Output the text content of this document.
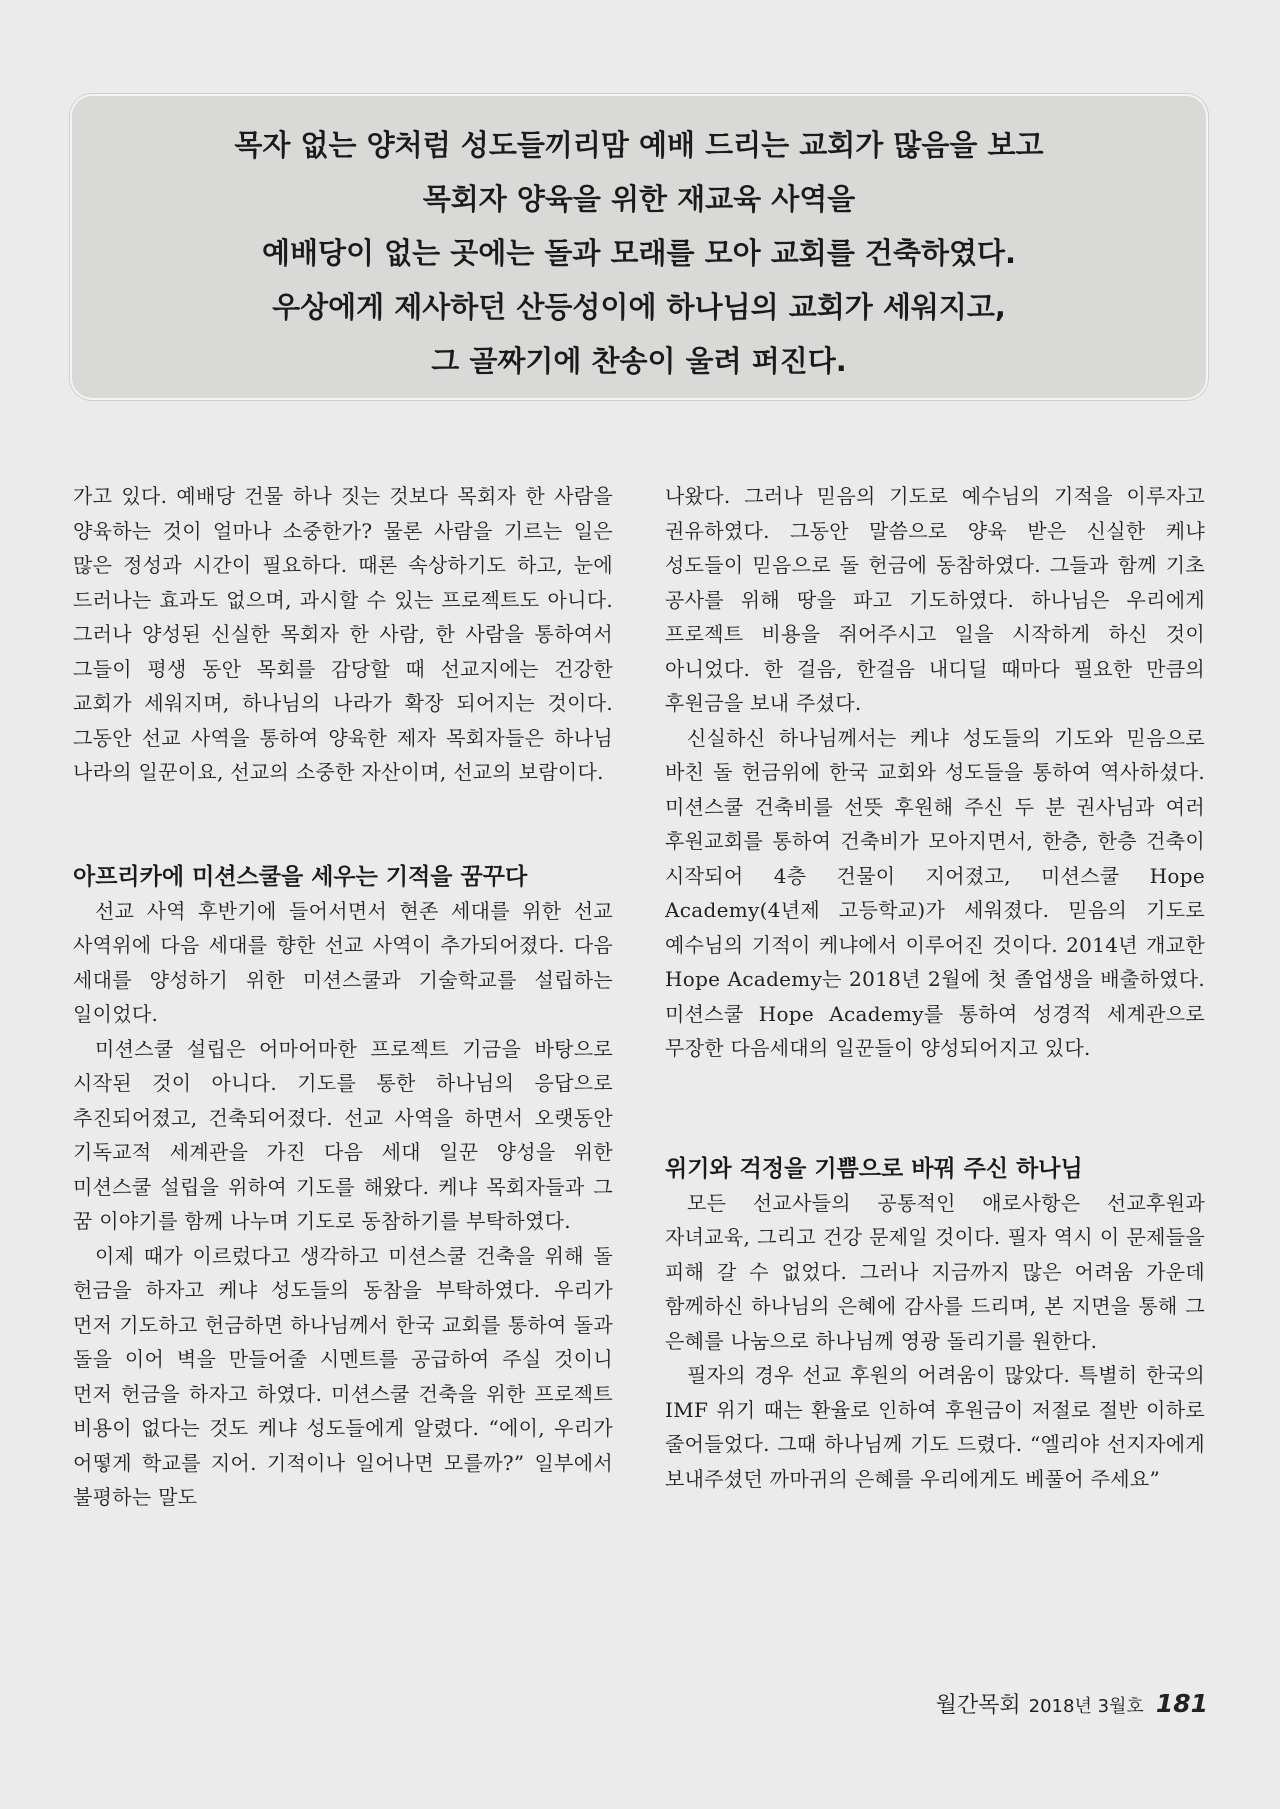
목자 없는 양처럼 성도들끼리맘 예배 드리는 교회가 많음을 보고
목회자 양육을 위한 재교육 사역을
예배당이 없는 곳에는 돌과 모래를 모아 교회를 건축하였다.
우상에게 제사하던 산등성이에 하나님의 교회가 세워지고,
그 골짜기에 찬송이 울려 퍼진다.

가고 있다. 예배당 건물 하나 짓는 것보다 목회자 한 사람을 양육하는 것이 얼마나 소중한가? 물론 사람을 기르는 일은 많은 정성과 시간이 필요하다. 때론 속상하기도 하고, 눈에 드러나는 효과도 없으며, 과시할 수 있는 프로젝트도 아니다. 그러나 양성된 신실한 목회자 한 사람, 한 사람을 통하여서 그들이 평생 동안 목회를 감당할 때 선교지에는 건강한 교회가 세워지며, 하나님의 나라가 확장 되어지는 것이다. 그동안 선교 사역을 통하여 양육한 제자 목회자들은 하나님 나라의 일꾼이요, 선교의 소중한 자산이며, 선교의 보람이다.

아프리카에 미션스쿨을 세우는 기적을 꿈꾸다

선교 사역 후반기에 들어서면서 현존 세대를 위한 선교 사역위에 다음 세대를 향한 선교 사역이 추가되어졌다. 다음 세대를 양성하기 위한 미션스쿨과 기술학교를 설립하는 일이었다.

미션스쿨 설립은 어마어마한 프로젝트 기금을 바탕으로 시작된 것이 아니다. 기도를 통한 하나님의 응답으로 추진되어졌고, 건축되어졌다. 선교 사역을 하면서 오랫동안 기독교적 세계관을 가진 다음 세대 일꾼 양성을 위한 미션스쿨 설립을 위하여 기도를 해왔다. 케냐 목회자들과 그 꿈 이야기를 함께 나누며 기도로 동참하기를 부탁하였다.

이제 때가 이르렀다고 생각하고 미션스쿨 건축을 위해 돌 헌금을 하자고 케냐 성도들의 동참을 부탁하였다. 우리가 먼저 기도하고 헌금하면 하나님께서 한국 교회를 통하여 돌과 돌을 이어 벽을 만들어줄 시멘트를 공급하여 주실 것이니 먼저 헌금을 하자고 하였다. 미션스쿨 건축을 위한 프로젝트 비용이 없다는 것도 케냐 성도들에게 알렸다. “에이, 우리가 어떻게 학교를 지어. 기적이나 일어나면 모를까?” 일부에서 불평하는 말도

나왔다. 그러나 믿음의 기도로 예수님의 기적을 이루자고 권유하였다. 그동안 말씀으로 양육 받은 신실한 케냐 성도들이 믿음으로 돌 헌금에 동참하였다. 그들과 함께 기초 공사를 위해 땅을 파고 기도하였다. 하나님은 우리에게 프로젝트 비용을 쥐어주시고 일을 시작하게 하신 것이 아니었다. 한 걸음, 한걸음 내디딜 때마다 필요한 만큼의 후원금을 보내 주셨다.

신실하신 하나님께서는 케냐 성도들의 기도와 믿음으로 바친 돌 헌금위에 한국 교회와 성도들을 통하여 역사하셨다. 미션스쿨 건축비를 선뜻 후원해 주신 두 분 권사님과 여러 후원교회를 통하여 건축비가 모아지면서, 한층, 한층 건축이 시작되어 4층 건물이 지어졌고, 미션스쿨 Hope Academy(4년제 고등학교)가 세워졌다. 믿음의 기도로 예수님의 기적이 케냐에서 이루어진 것이다. 2014년 개교한 Hope Academy는 2018년 2월에 첫 졸업생을 배출하였다. 미션스쿨 Hope Academy를 통하여 성경적 세계관으로 무장한 다음세대의 일꾼들이 양성되어지고 있다.

위기와 걱정을 기쁨으로 바꿔 주신 하나님

모든 선교사들의 공통적인 애로사항은 선교후원과 자녀교육, 그리고 건강 문제일 것이다. 필자 역시 이 문제들을 피해 갈 수 없었다. 그러나 지금까지 많은 어려움 가운데 함께하신 하나님의 은혜에 감사를 드리며, 본 지면을 통해 그 은혜를 나눔으로 하나님께 영광 돌리기를 원한다.

필자의 경우 선교 후원의 어려움이 많았다. 특별히 한국의 IMF 위기 때는 환율로 인하여 후원금이 저절로 절반 이하로 줄어들었다. 그때 하나님께 기도 드렸다. “엘리야 선지자에게 보내주셨던 까마귀의 은혜를 우리에게도 베풀어 주세요”

월간목회 2018년 3월호 181
